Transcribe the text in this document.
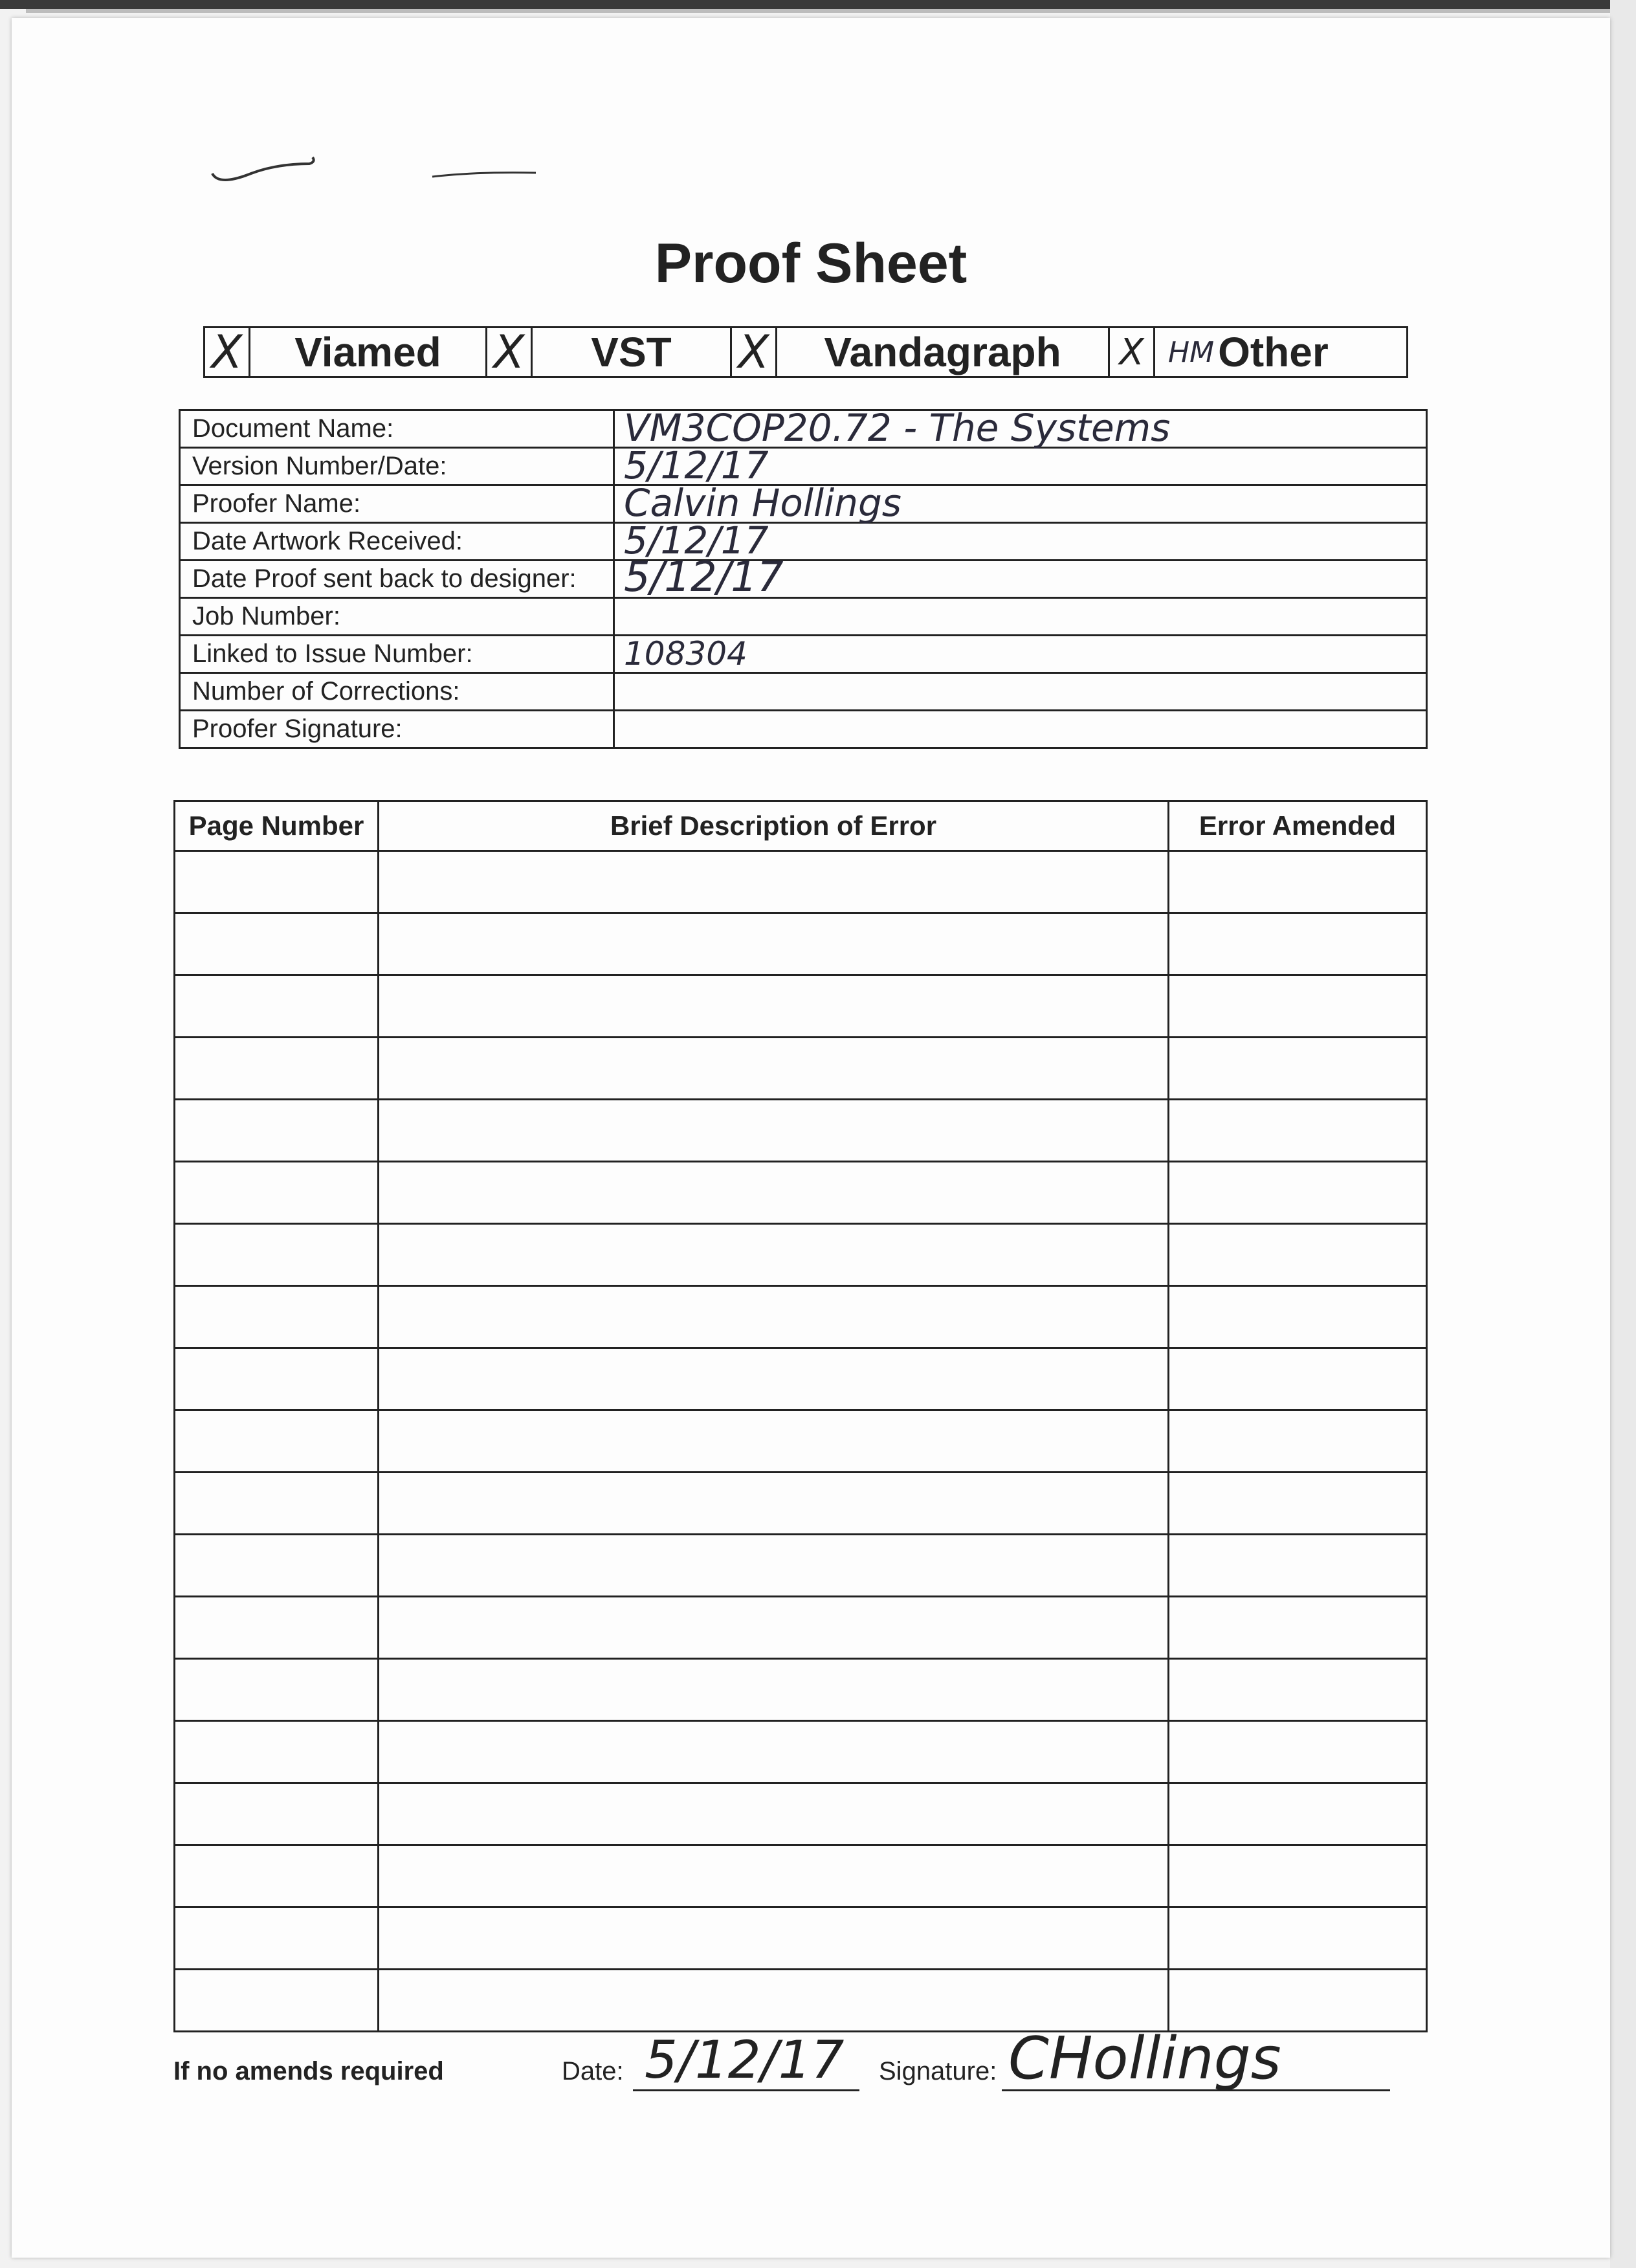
Proof Sheet
X	Viamed	X	VST	X	Vandagraph	X HM Other
Document Name:	VM3COP20.72 - The Systems

Version Number/Date:	5/12/17

Proofer Name:	Calvin Hollings

Date Artwork Received:	5/12/17

Date Proof sent back to designer:	5/12/17

Job Number:	

Linked to Issue Number:	108304

Number of Corrections:	

Proofer Signature:	
Page Number	Brief Description of Error	Error Amended

If no amends required	Date: 5/12/17 Signature: CHollings
